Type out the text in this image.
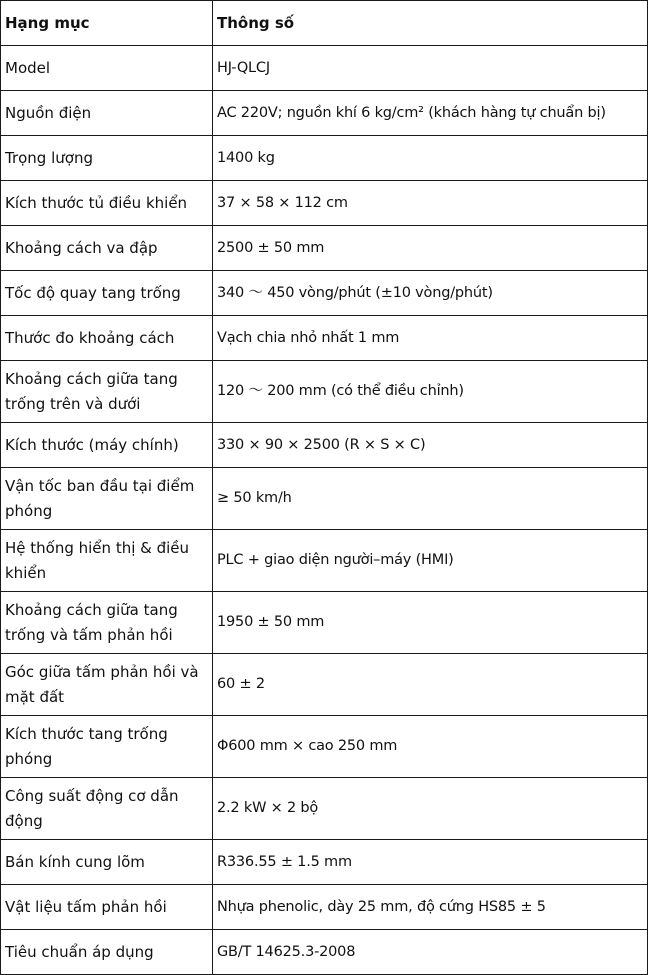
Hạng mục	Thông số
Model	HJ-QLCJ
Nguồn điện	AC 220V; nguồn khí 6 kg/cm² (khách hàng tự chuẩn bị)
Trọng lượng	1400 kg
Kích thước tủ điều khiển	37 × 58 × 112 cm
Khoảng cách va đập	2500 ± 50 mm
Tốc độ quay tang trống	340 ～ 450 vòng/phút (±10 vòng/phút)
Thước đo khoảng cách	Vạch chia nhỏ nhất 1 mm
Khoảng cách giữa tang trống trên và dưới	120 ～ 200 mm (có thể điều chỉnh)
Kích thước (máy chính)	330 × 90 × 2500 (R × S × C)
Vận tốc ban đầu tại điểm phóng	≥ 50 km/h
Hệ thống hiển thị & điều khiển	PLC + giao diện người–máy (HMI)
Khoảng cách giữa tang trống và tấm phản hồi	1950 ± 50 mm
Góc giữa tấm phản hồi và mặt đất	60 ± 2
Kích thước tang trống phóng	Φ600 mm × cao 250 mm
Công suất động cơ dẫn động	2.2 kW × 2 bộ
Bán kính cung lõm	R336.55 ± 1.5 mm
Vật liệu tấm phản hồi	Nhựa phenolic, dày 25 mm, độ cứng HS85 ± 5
Tiêu chuẩn áp dụng	GB/T 14625.3-2008
